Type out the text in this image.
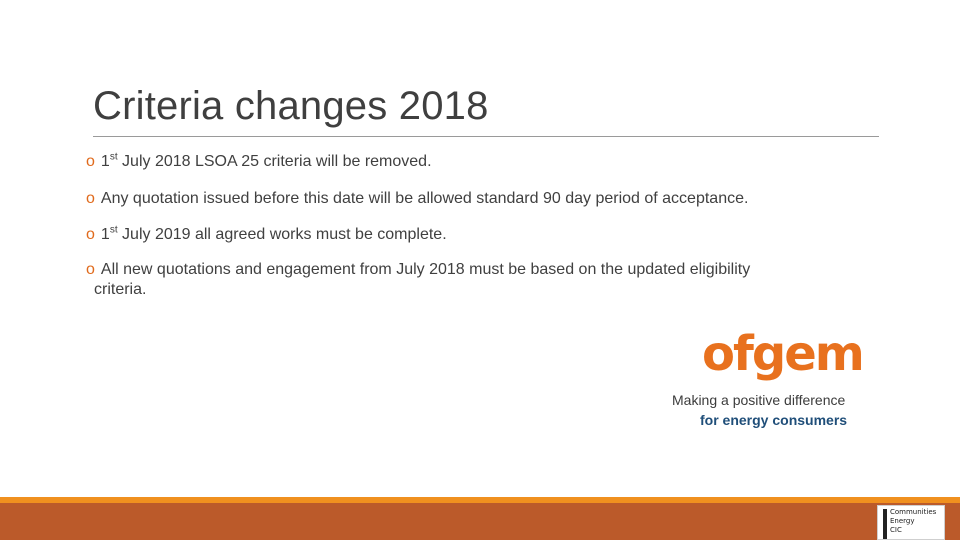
Criteria changes 2018
o 1st July 2018 LSOA 25 criteria will be removed.
o Any quotation issued before this date will be allowed standard 90 day period of acceptance.
o 1st July 2019 all agreed works must be complete.
o All new quotations and engagement from July 2018 must be based on the updated eligibility
criteria.
ofgem
Making a positive difference
for energy consumers
Communities
Energy
CIC
